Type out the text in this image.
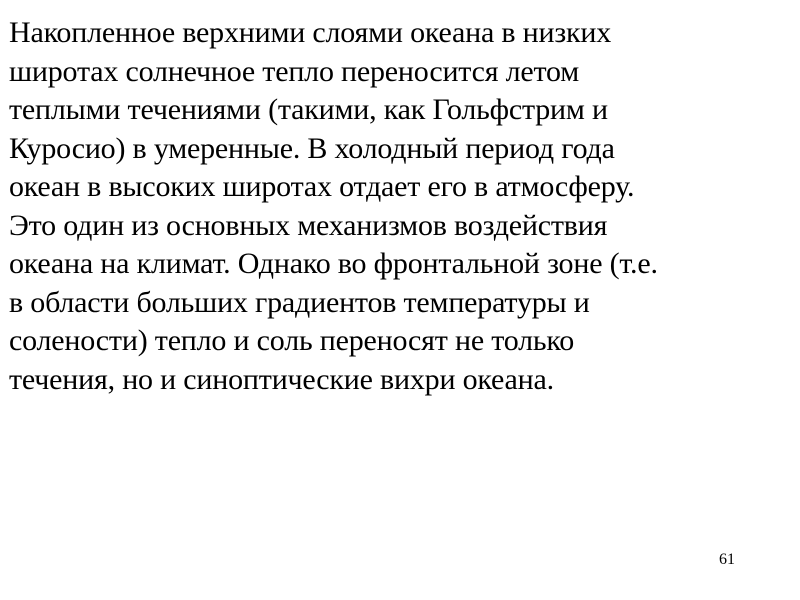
Накопленное верхними слоями океана в низких
широтах солнечное тепло переносится летом
теплыми течениями (такими, как Гольфстрим и
Куросио) в умеренные. В холодный период года
океан в высоких широтах отдает его в атмосферу.
Это один из основных механизмов воздействия
океана на климат. Однако во фронтальной зоне (т.е.
в области больших градиентов температуры и
солености) тепло и соль переносят не только
течения, но и синоптические вихри океана.

61
